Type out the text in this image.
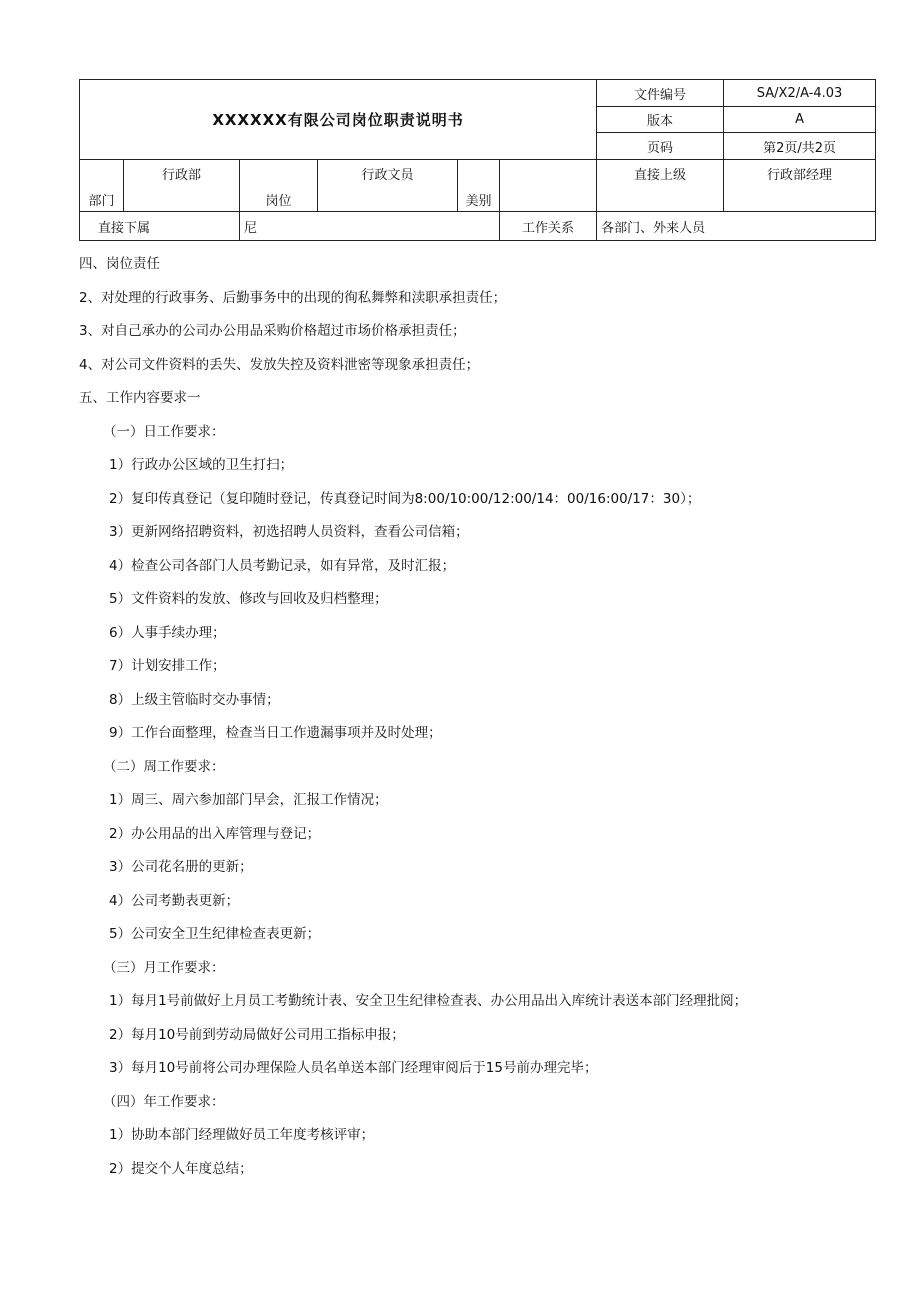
XXXXXX有限公司岗位职责说明书						文件编号	SA/X2/A-4.03
						版本	A
						页码	第2页/共2页
部门	行政部	岗位	行政文员	美别		直接上级	行政部经理
直接下属		尼			工作关系	各部门、外来人员	
四、岗位责任
2、对处理的行政事务、后勤事务中的出现的徇私舞弊和渎职承担责任；
3、对自己承办的公司办公用品采购价格超过市场价格承担责任；
4、对公司文件资料的丢失、发放失控及资料泄密等现象承担责任；
五、工作内容要求一
（一）日工作要求：
1）行政办公区域的卫生打扫；
2）复印传真登记（复印随时登记，传真登记时间为8:00/10:00/12:00/14：00/16:00/17：30）；
3）更新网络招聘资料，初选招聘人员资料，查看公司信箱；
4）检查公司各部门人员考勤记录，如有异常，及时汇报；
5）文件资料的发放、修改与回收及归档整理；
6）人事手续办理；
7）计划安排工作；
8）上级主管临时交办事情；
9）工作台面整理，检查当日工作遗漏事项并及时处理；
（二）周工作要求：
1）周三、周六参加部门早会，汇报工作情况；
2）办公用品的出入库管理与登记；
3）公司花名册的更新；
4）公司考勤表更新；
5）公司安全卫生纪律检查表更新；
（三）月工作要求：
1）每月1号前做好上月员工考勤统计表、安全卫生纪律检查表、办公用品出入库统计表送本部门经理批阅；
2）每月10号前到劳动局做好公司用工指标申报；
3）每月10号前将公司办理保险人员名单送本部门经理审阅后于15号前办理完毕；
（四）年工作要求：
1）协助本部门经理做好员工年度考核评审；
2）提交个人年度总结；
